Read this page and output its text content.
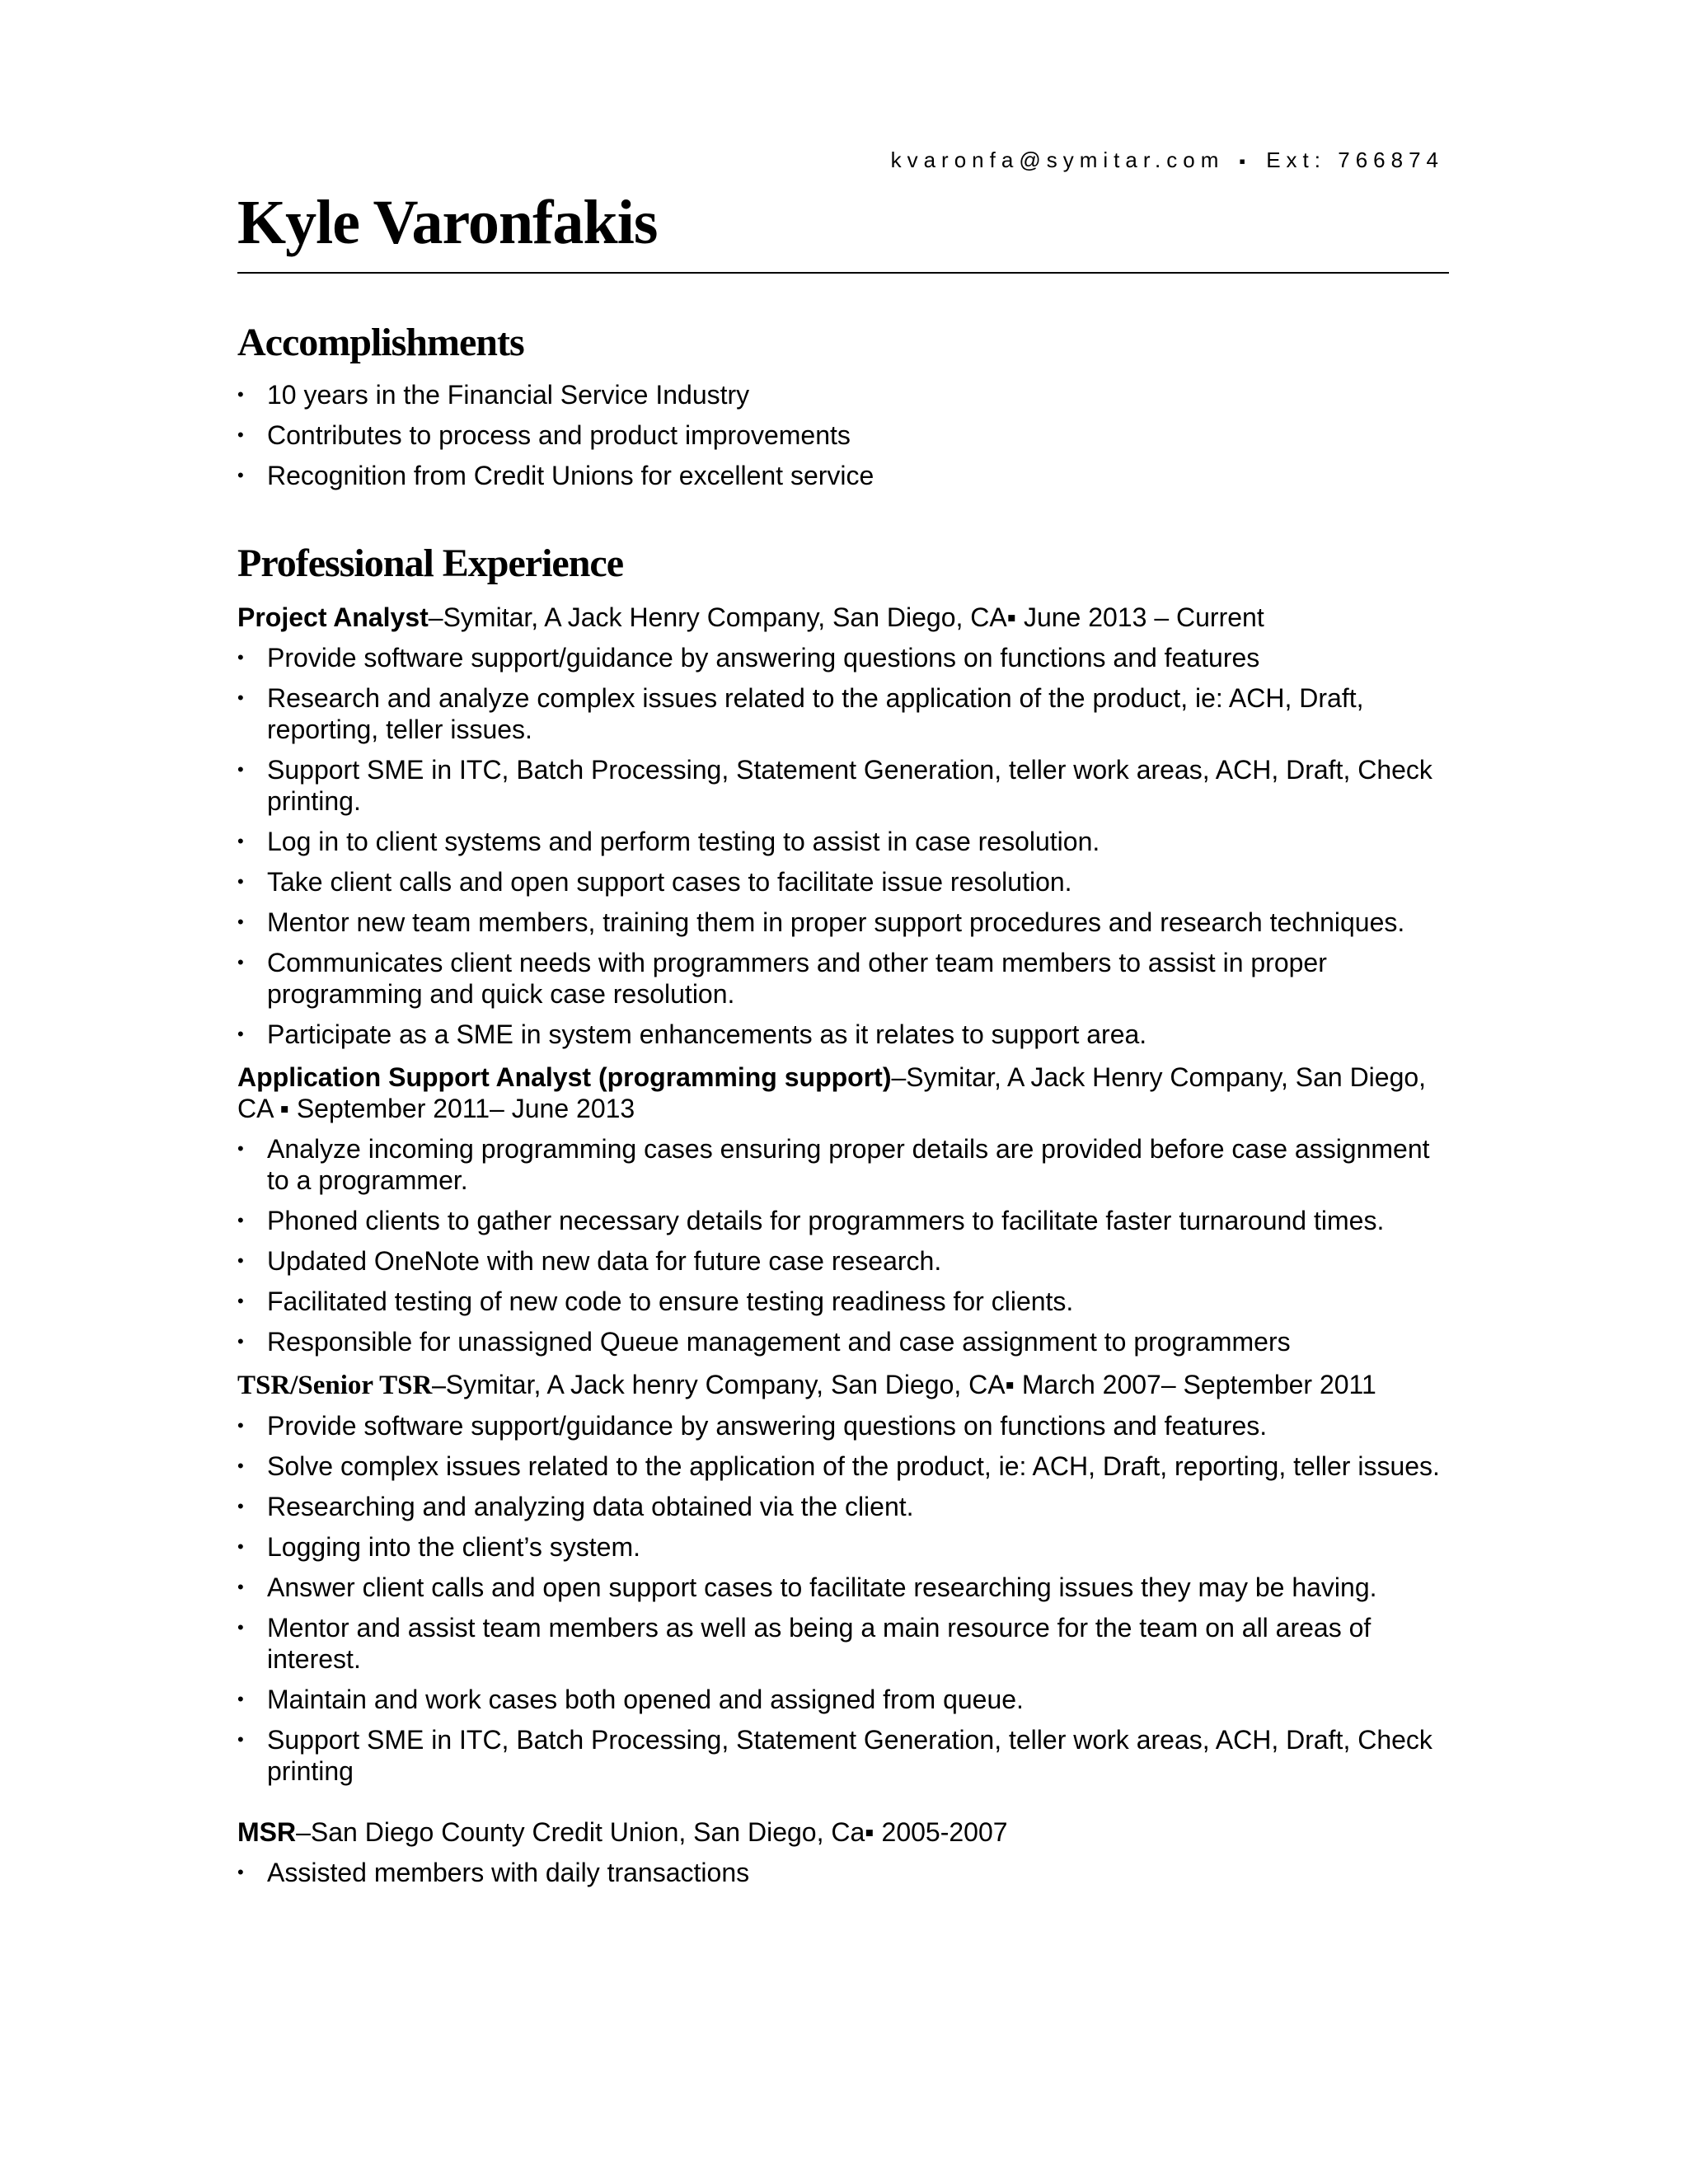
kvaronfa@symitar.com ▪ Ext: 766874
Kyle Varonfakis
Accomplishments
• 10 years in the Financial Service Industry
• Contributes to process and product improvements
• Recognition from Credit Unions for excellent service
Professional Experience
Project Analyst–Symitar, A Jack Henry Company, San Diego, CA▪ June 2013 – Current
• Provide software support/guidance by answering questions on functions and features
• Research and analyze complex issues related to the application of the product, ie: ACH, Draft, reporting, teller issues.
• Support SME in ITC, Batch Processing, Statement Generation, teller work areas, ACH, Draft, Check printing.
• Log in to client systems and perform testing to assist in case resolution.
• Take client calls and open support cases to facilitate issue resolution.
• Mentor new team members, training them in proper support procedures and research techniques.
• Communicates client needs with programmers and other team members to assist in proper programming and quick case resolution.
• Participate as a SME in system enhancements as it relates to support area.
Application Support Analyst (programming support)–Symitar, A Jack Henry Company, San Diego, CA ▪ September 2011– June 2013
• Analyze incoming programming cases ensuring proper details are provided before case assignment to a programmer.
• Phoned clients to gather necessary details for programmers to facilitate faster turnaround times.
• Updated OneNote with new data for future case research.
• Facilitated testing of new code to ensure testing readiness for clients.
• Responsible for unassigned Queue management and case assignment to programmers
TSR/Senior TSR–Symitar, A Jack henry Company, San Diego, CA▪ March 2007– September 2011
• Provide software support/guidance by answering questions on functions and features.
• Solve complex issues related to the application of the product, ie: ACH, Draft, reporting, teller issues.
• Researching and analyzing data obtained via the client.
• Logging into the client’s system.
• Answer client calls and open support cases to facilitate researching issues they may be having.
• Mentor and assist team members as well as being a main resource for the team on all areas of interest.
• Maintain and work cases both opened and assigned from queue.
• Support SME in ITC, Batch Processing, Statement Generation, teller work areas, ACH, Draft, Check printing
MSR–San Diego County Credit Union, San Diego, Ca▪ 2005-2007
• Assisted members with daily transactions
